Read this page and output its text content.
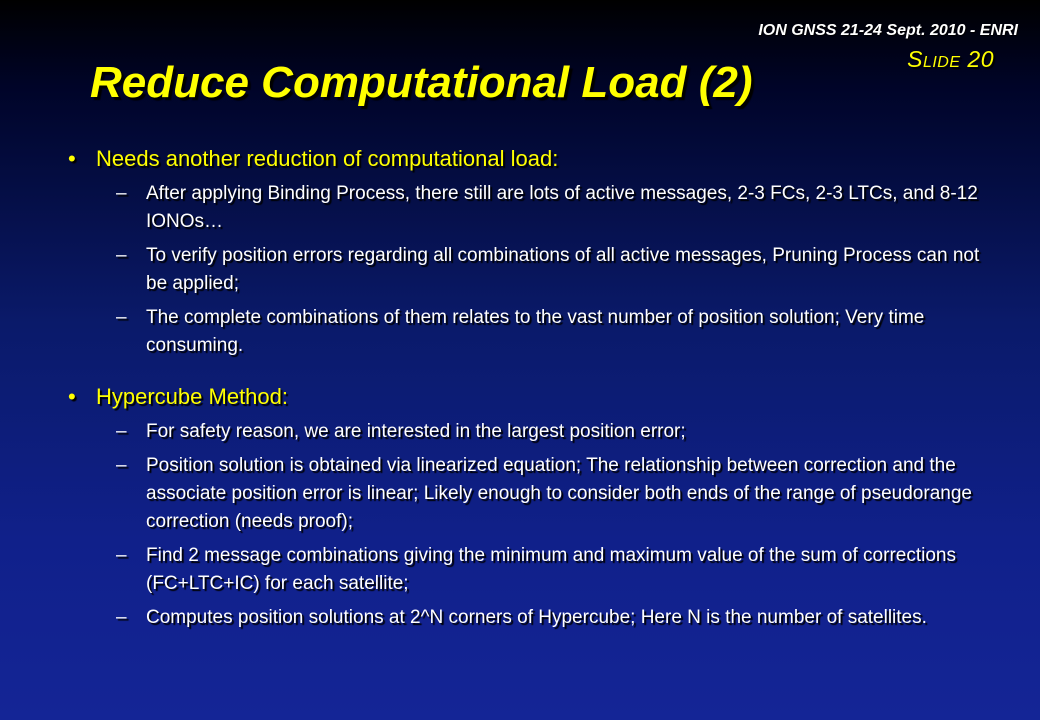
ION GNSS 21-24 Sept. 2010 - ENRI
Slide 20
Reduce Computational Load (2)
• Needs another reduction of computational load:
–	After applying Binding Process, there still are lots of active messages, 2-3 FCs, 2-3 LTCs, and 8-12 IONOs…
–	To verify position errors regarding all combinations of all active messages, Pruning Process can not be applied;
–	The complete combinations of them relates to the vast number of position solution; Very time consuming.
• Hypercube Method:
–	For safety reason, we are interested in the largest position error;
–	Position solution is obtained via linearized equation; The relationship between correction and the associate position error is linear; Likely enough to consider both ends of the range of pseudorange correction (needs proof);
–	Find 2 message combinations giving the minimum and maximum value of the sum of corrections (FC+LTC+IC) for each satellite;
–	Computes position solutions at 2^N corners of Hypercube; Here N is the number of satellites.
